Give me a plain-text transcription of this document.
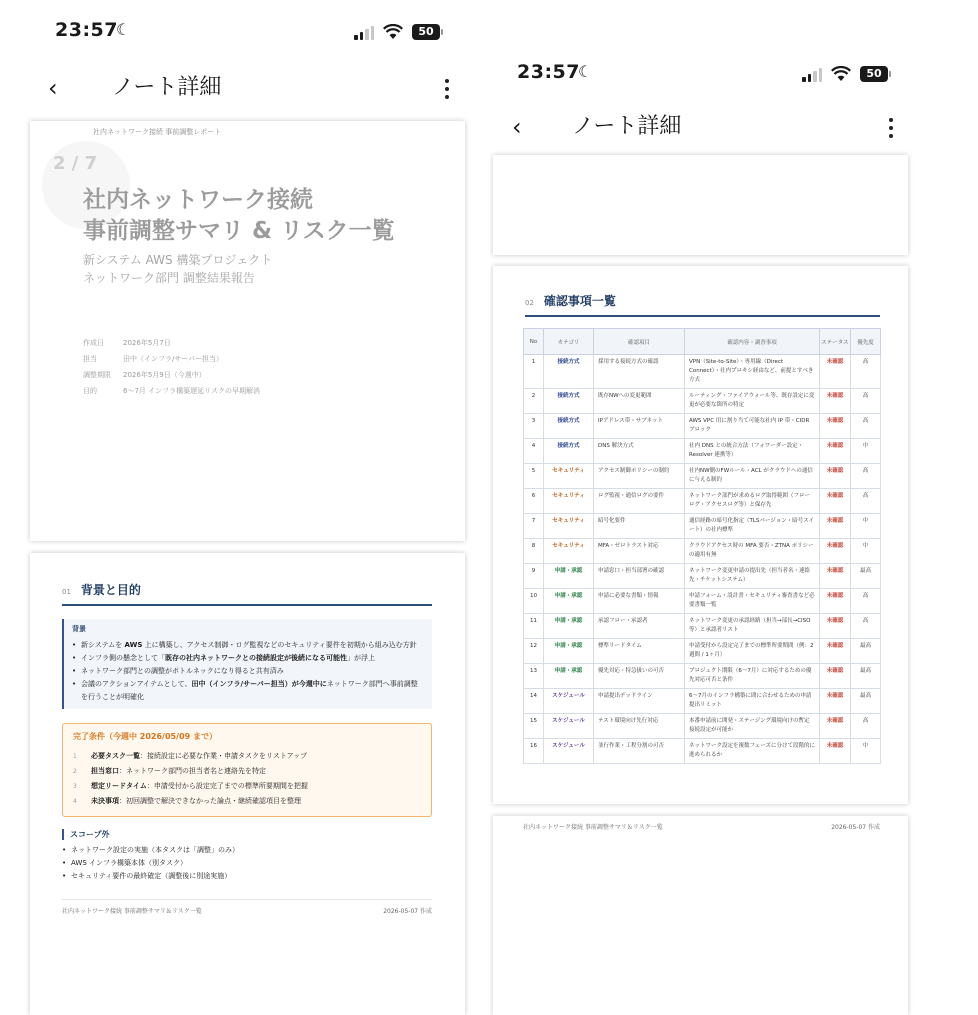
23:57
☾	50
‹ ノート詳細
社内ネットワーク接続 事前調整レポート
2 / 7
社内ネットワーク接続
事前調整サマリ & リスク一覧
新システム AWS 構築プロジェクト
ネットワーク部門 調整結果報告
作成日	2026年5月7日
担当	田中（インフラ/サーバー担当）
調整期限	2026年5月9日（今週中）
目的	6～7月 インフラ構築遅延リスクの早期解消
01 背景と目的
背景
• 新システムを AWS 上に構築し、アクセス制御・ログ監視などのセキュリティ要件を初期から組み込む方針
• インフラ側の懸念として「既存の社内ネットワークとの接続設定が後続になる可能性」が浮上
• ネットワーク部門との調整がボトルネックになり得ると共有済み
• 会議のアクションアイテムとして、田中（インフラ/サーバー担当）が今週中にネットワーク部門へ事前調整を行うことが明確化
完了条件（今週中 2026/05/09 まで）
1	必要タスク一覧 ：接続設定に必要な作業・申請タスクをリストアップ
2	担当窓口 ：ネットワーク部門の担当者名と連絡先を特定
3	想定リードタイム ：申請受付から設定完了までの標準所要期間を把握
4	未決事項 ：初回調整で解決できなかった論点・継続確認項目を整理
スコープ外
• ネットワーク設定の実施（本タスクは「調整」のみ）
• AWS インフラ構築本体（別タスク）
• セキュリティ要件の最終確定（調整後に別途実施）
社内ネットワーク接続 事前調整サマリ＆リスク一覧	2026-05-07 作成
23:57
☾	50
‹ ノート詳細
02 確認事項一覧
No	カテゴリ	確認項目	確認内容・調査事項	ステータス	優先度
1	接続方式	採用する接続方式の確認	VPN（Site-to-Site）・専用線（Direct Connect）・社内プロキシ経由など、前提とすべき方式	未確認	高
2	接続方式	既存NWへの変更範囲	ルーティング・ファイアウォール等、既存設定に変更が必要な箇所の特定	未確認	高
3	接続方式	IPアドレス帯・サブネット	AWS VPC 用に割り当て可能な社内 IP 帯・CIDR ブロック	未確認	高
4	接続方式	DNS 解決方式	社内 DNS との統合方法（フォワーダー設定・Resolver 連携等）	未確認	中
5	セキュリティ	アクセス制御ポリシーの制約	社内NW側のFWルール・ACL がクラウドへの通信に与える制約	未確認	高
6	セキュリティ	ログ監視・通信ログの要件	ネットワーク部門が求めるログ取得範囲（フローログ・アクセスログ等）と保存先	未確認	高
7	セキュリティ	暗号化要件	通信経路の暗号化指定（TLSバージョン・暗号スイート）の社内標準	未確認	中
8	セキュリティ	MFA・ゼロトラスト対応	クラウドアクセス時の MFA 要否・ZTNA ポリシーの適用有無	未確認	中
9	申請・承認	申請窓口・担当部署の確認	ネットワーク変更申請の提出先（担当者名・連絡先・チケットシステム）	未確認	最高
10	申請・承認	申請に必要な書類・情報	申請フォーム・設計書・セキュリティ審査書など必要書類一覧	未確認	高
11	申請・承認	承認フロー・承認者	ネットワーク変更の承認経路（担当→部長→CISO等）と承認者リスト	未確認	高
12	申請・承認	標準リードタイム	申請受付から設定完了までの標準所要期間（例：2週間 / 1ヶ月）	未確認	最高
13	申請・承認	優先対応・特急扱いの可否	プロジェクト期限（6～7月）に対応するための優先対応可否と条件	未確認	最高
14	スケジュール	申請提出デッドライン	6～7月のインフラ構築に間に合わせるための申請提出リミット	未確認	最高
15	スケジュール	テスト環境向け先行対応	本番申請前に開発・ステージング環境向けの暫定接続設定が可能か	未確認	高
16	スケジュール	並行作業・工程分割の可否	ネットワーク設定を複数フェーズに分けて段階的に進められるか	未確認	中
社内ネットワーク接続 事前調整サマリ＆リスク一覧	2026-05-07 作成
